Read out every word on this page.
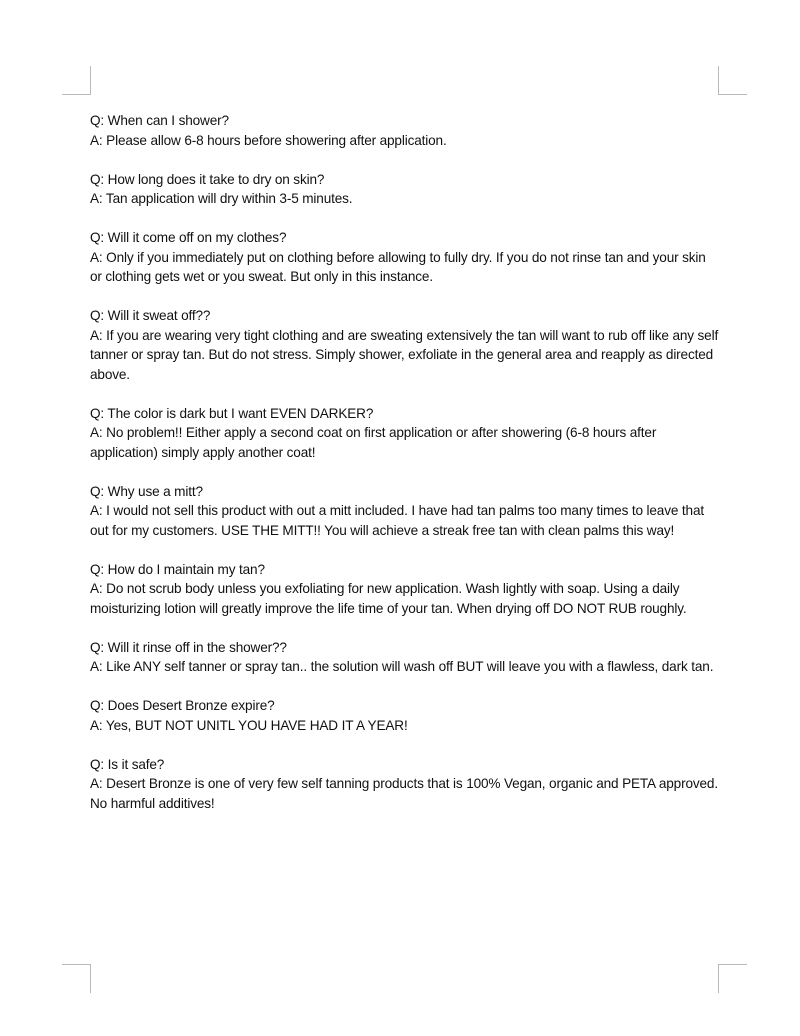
Q: When can I shower?

A: Please allow 6-8 hours before showering after application.

Q: How long does it take to dry on skin?

A: Tan application will dry within 3-5 minutes.

Q: Will it come off on my clothes?

A: Only if you immediately put on clothing before allowing to fully dry. If you do not rinse tan and your skin or clothing gets wet or you sweat. But only in this instance.

Q: Will it sweat off??

A: If you are wearing very tight clothing and are sweating extensively the tan will want to rub off like any self tanner or spray tan. But do not stress. Simply shower, exfoliate in the general area and reapply as directed above.

Q: The color is dark but I want EVEN DARKER?

A: No problem!! Either apply a second coat on first application or after showering (6-8 hours after application) simply apply another coat!

Q: Why use a mitt?

A: I would not sell this product with out a mitt included. I have had tan palms too many times to leave that out for my customers. USE THE MITT!! You will achieve a streak free tan with clean palms this way!

Q: How do I maintain my tan?

A: Do not scrub body unless you exfoliating for new application. Wash lightly with soap. Using a daily moisturizing lotion will greatly improve the life time of your tan. When drying off DO NOT RUB roughly.

Q: Will it rinse off in the shower??

A: Like ANY self tanner or spray tan.. the solution will wash off BUT will leave you with a flawless, dark tan.

Q: Does Desert Bronze expire?

A: Yes, BUT NOT UNITL YOU HAVE HAD IT A YEAR!

Q: Is it safe?

A: Desert Bronze is one of very few self tanning products that is 100% Vegan, organic and PETA approved. No harmful additives!
